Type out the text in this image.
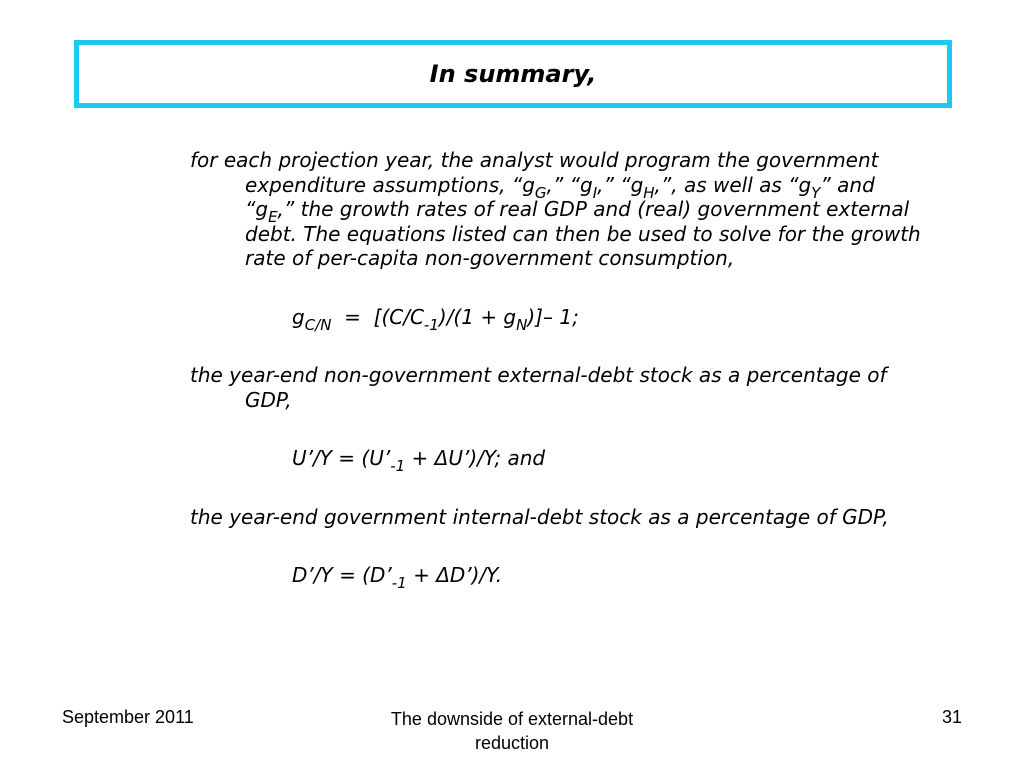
In summary,

for each projection year, the analyst would program the government expenditure assumptions, “$g_G$,” “$g_I$,” “$g_H$,”, as well as “$g_Y$” and “$g_E$,” the growth rates of real GDP and (real) government external debt. The equations listed can then be used to solve for the growth rate of per-capita non-government consumption,

$g_{C/N} = [(C/C_{-1})/(1 + g_N)]-$ 1;

the year-end non-government external-debt stock as a percentage of GDP,

U’/Y = ($U’_{-1}$ + ΔU’)/Y; and

the year-end government internal-debt stock as a percentage of GDP,

D’/Y = ($D’_{-1}$ + ΔD’)/Y.

September 2011	The downside of external-debt reduction
31
